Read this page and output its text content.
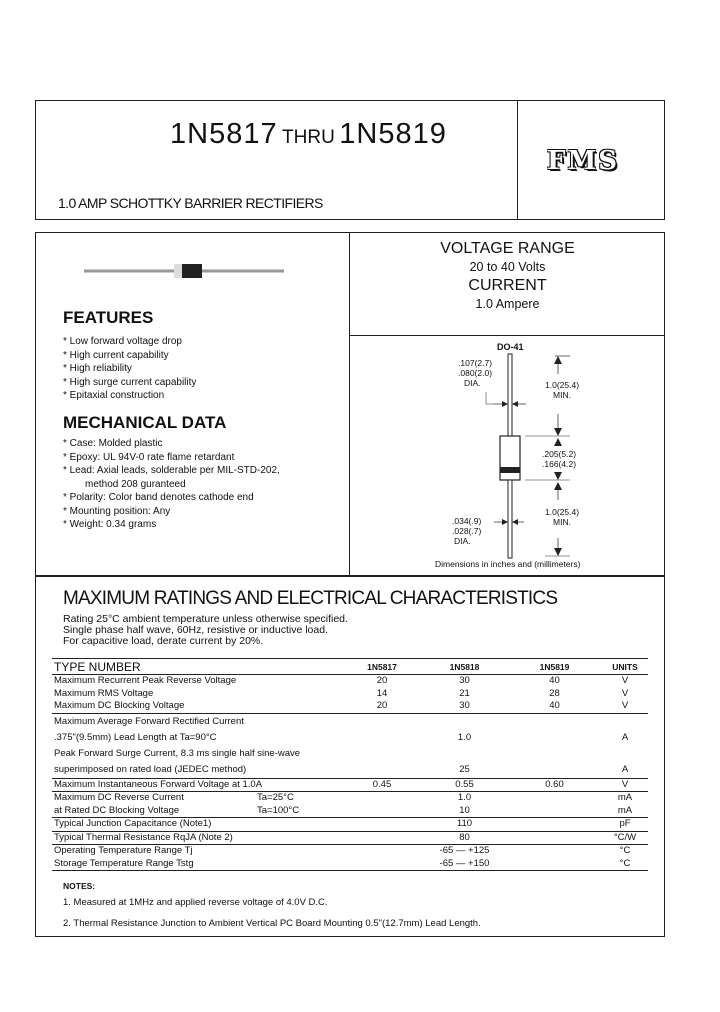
1N5817 THRU 1N5819
1.0 AMP SCHOTTKY BARRIER RECTIFIERS
FMS
FEATURES
* Low forward voltage drop
* High current capability
* High reliability
* High surge current capability
* Epitaxial construction
MECHANICAL DATA
* Case: Molded plastic
* Epoxy: UL 94V-0 rate flame retardant
* Lead: Axial leads, solderable per MIL-STD-202,
method 208 guranteed
* Polarity: Color band denotes cathode end
* Mounting position: Any
* Weight: 0.34 grams
VOLTAGE RANGE
20 to 40 Volts
CURRENT
1.0 Ampere
DO-41
.107(2.7)
.080(2.0)
DIA.	1.0(25.4)
MIN.
.205(5.2)
.166(4.2)
1.0(25.4)
MIN.
.034(.9)
.028(.7)
DIA.
Dimensions in inches and (millimeters)
MAXIMUM RATINGS AND ELECTRICAL CHARACTERISTICS
Rating 25°C ambient temperature unless otherwise specified.
Single phase half wave, 60Hz, resistive or inductive load.
For capacitive load, derate current by 20%.
TYPE NUMBER	1N5817	1N5818	1N5819	UNITS
Maximum Recurrent Peak Reverse Voltage	20	30	40	V
Maximum RMS Voltage	14	21	28	V
Maximum DC Blocking Voltage	20	30	40	V
Maximum Average Forward Rectified Current				
.375"(9.5mm) Lead Length at Ta=90°C		1.0		A
Peak Forward Surge Current, 8.3 ms single half sine-wave				
superimposed on rated load (JEDEC method)		25		A
Maximum Instantaneous Forward Voltage at 1.0A	0.45	0.55	0.60	V
Maximum DC Reverse Current Ta=25°C		1.0		mA
at Rated DC Blocking Voltage Ta=100°C		10		mA
Typical Junction Capacitance (Note1)		110		pF
Typical Thermal Resistance RqJA (Note 2)		80		°C/W
Operating Temperature Range Tj		-65 — +125		°C
Storage Temperature Range Tstg		-65 — +150		°C
NOTES:
1. Measured at 1MHz and applied reverse voltage of 4.0V D.C.
2. Thermal Resistance Junction to Ambient Vertical PC Board Mounting 0.5"(12.7mm) Lead Length.
